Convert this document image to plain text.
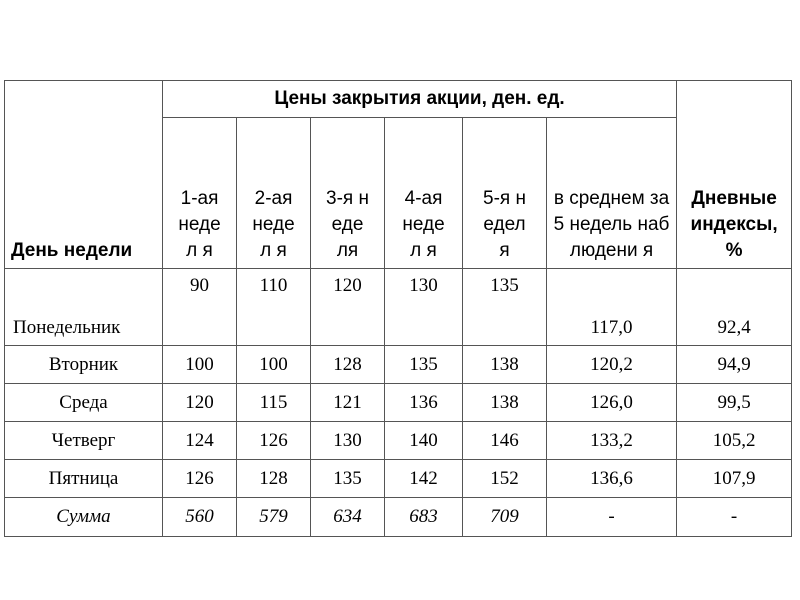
День недели	Цены закрытия акции, ден. ед.						Дневные индексы, %

	1-ая недел я	2-ая недел я	3-я неде ля	4-ая недел я	5-я недел я	в среднем за 5 недель наблюдени я	

Понедельник	90	110	120	130	135	117,0	92,4
Вторник	100	100	128	135	138	120,2	94,9
Среда	120	115	121	136	138	126,0	99,5
Четверг	124	126	130	140	146	133,2	105,2
Пятница	126	128	135	142	152	136,6	107,9
Сумма	560	579	634	683	709	-	-
